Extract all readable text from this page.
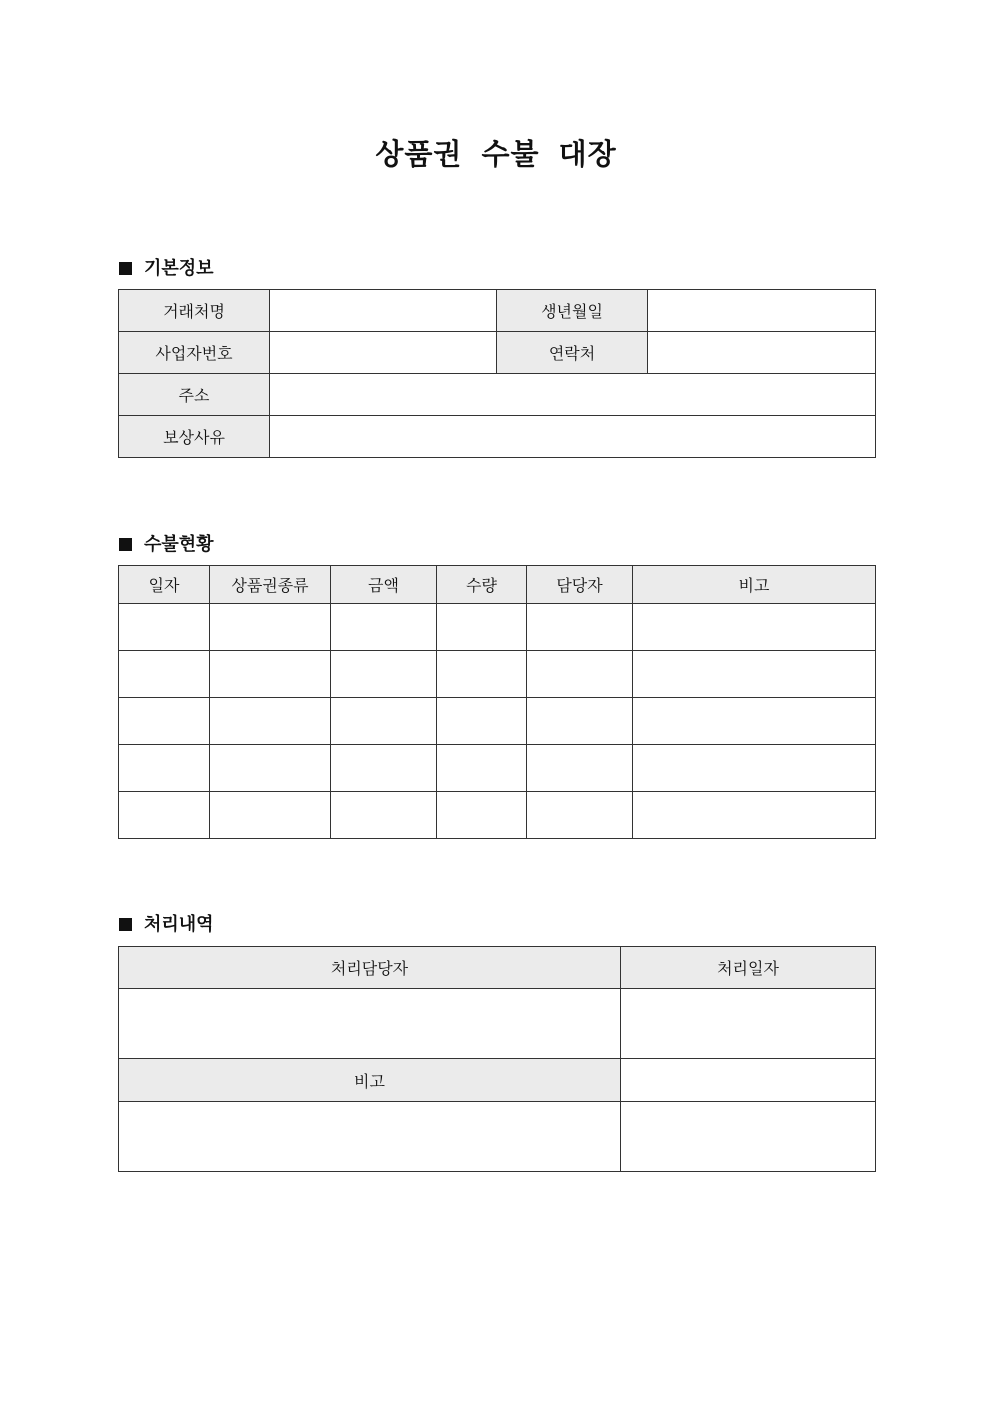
상품권 수불 대장
기본정보
거래처명		생년월일	
사업자번호		연락처	
주소			
보상사유			
수불현황
일자	상품권종류	금액	수량	담당자	비고

처리내역
처리담당자	처리일자

비고	
